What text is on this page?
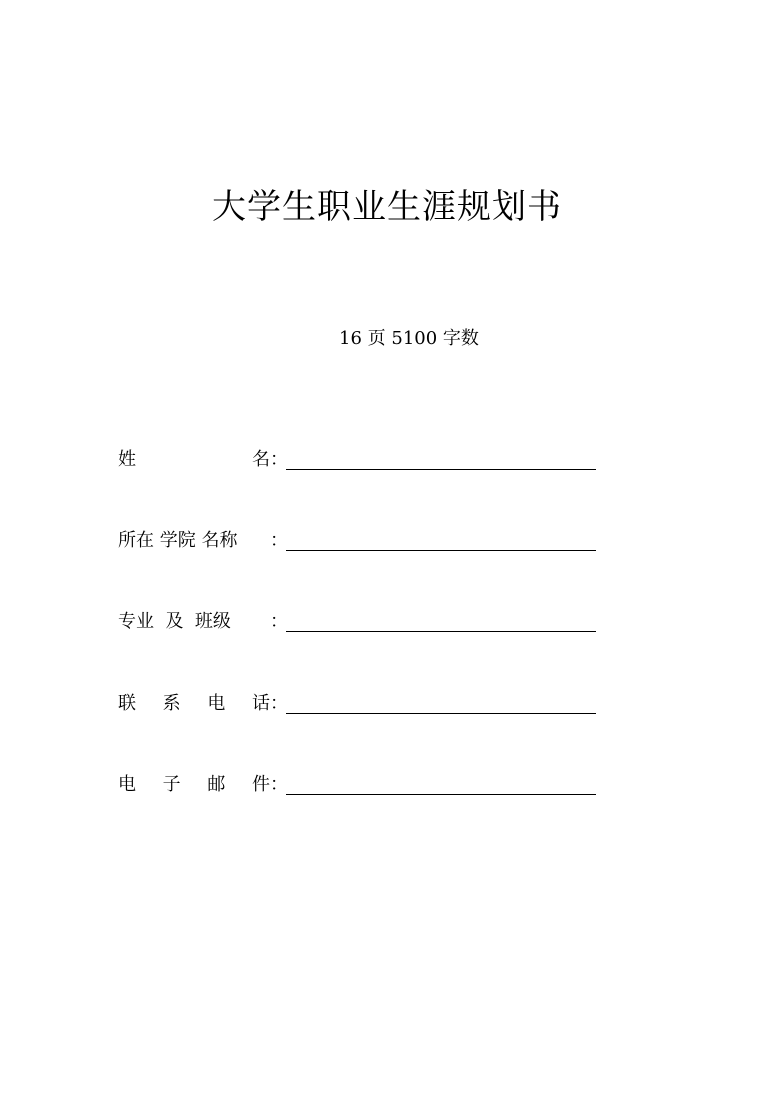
大学生职业生涯规划书
16 页 5100 字数
姓	名 ：
所在 学院 名称	：
专业  及  班级	：
联 系 电 话 ：
电 子 邮 件 ：
